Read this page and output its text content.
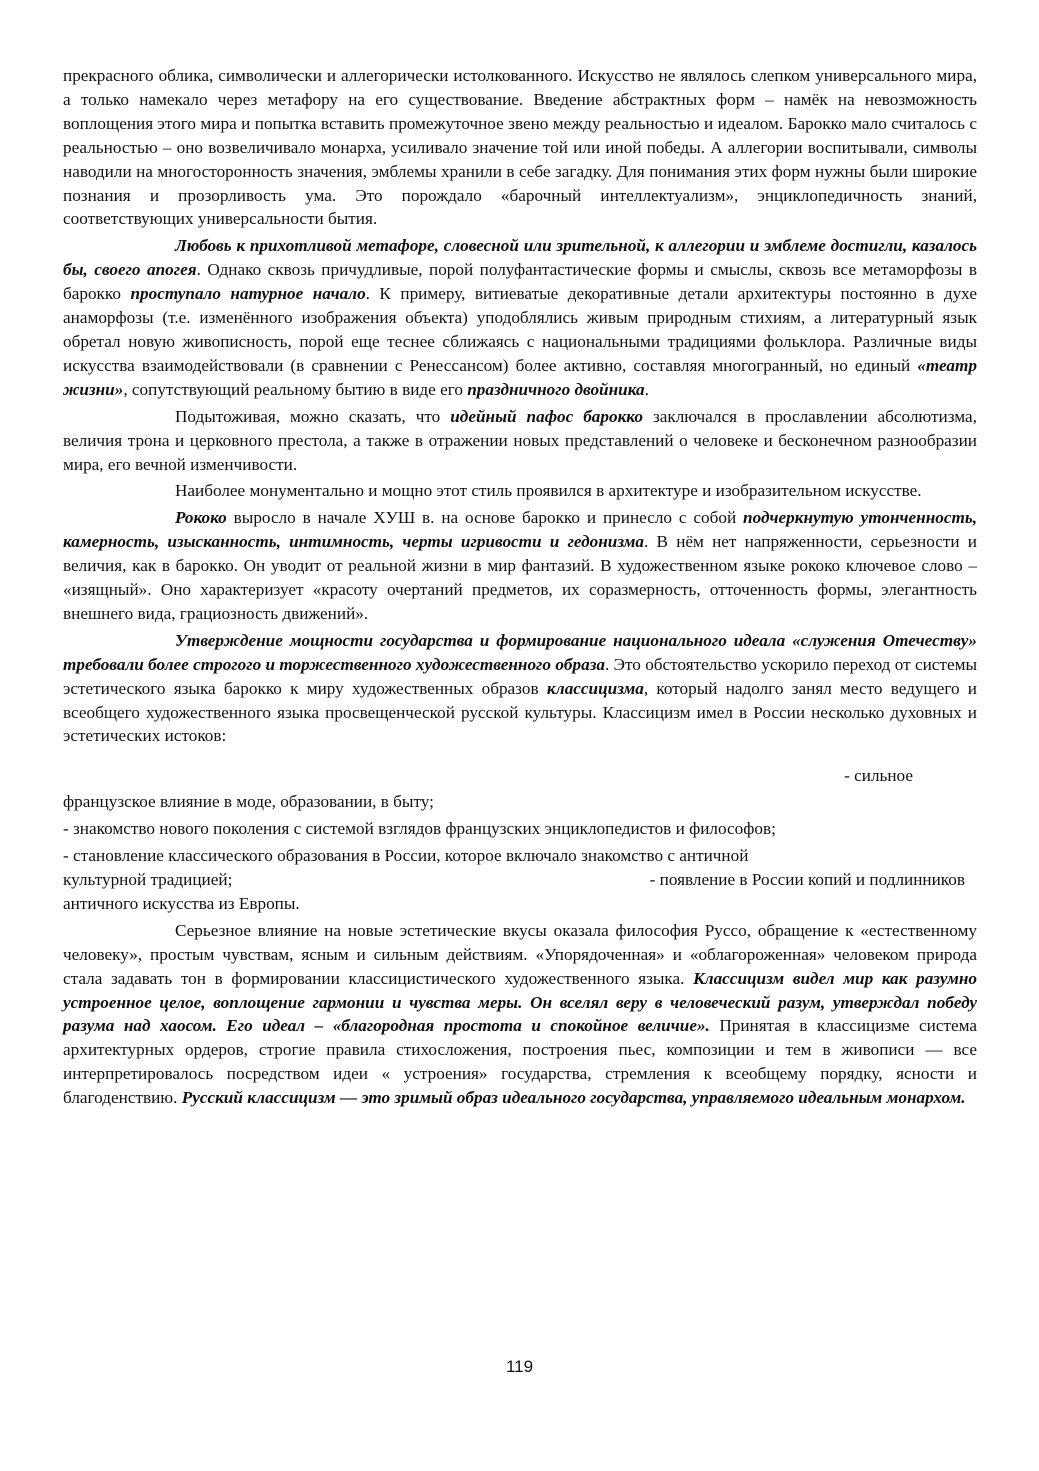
прекрасного облика, символически и аллегорически истолкованного. Искусство не являлось слепком универсального мира, а только намекало через метафору на его существование. Введение абстрактных форм – намёк на невозможность воплощения этого мира и попытка вставить промежуточное звено между реальностью и идеалом. Барокко мало считалось с реальностью – оно возвеличивало монарха, усиливало значение той или иной победы. А аллегории воспитывали, символы наводили на многосторонность значения, эмблемы хранили в себе загадку. Для понимания этих форм нужны были широкие познания и прозорливость ума. Это порождало «барочный интеллектуализм», энциклопедичность знаний, соответствующих универсальности бытия.

Любовь к прихотливой метафоре, словесной или зрительной, к аллегории и эмблеме достигли, казалось бы, своего апогея. Однако сквозь причудливые, порой полуфантастические формы и смыслы, сквозь все метаморфозы в барокко проступало натурное начало. К примеру, витиеватые декоративные детали архитектуры постоянно в духе анаморфозы (т.е. изменённого изображения объекта) уподоблялись живым природным стихиям, а литературный язык обретал новую живописность, порой еще теснее сближаясь с национальными традициями фольклора. Различные виды искусства взаимодействовали (в сравнении с Ренессансом) более активно, составляя многогранный, но единый «театр жизни», сопутствующий реальному бытию в виде его праздничного двойника.

Подытоживая, можно сказать, что идейный пафос барокко заключался в прославлении абсолютизма, величия трона и церковного престола, а также в отражении новых представлений о человеке и бесконечном разнообразии мира, его вечной изменчивости.

Наиболее монументально и мощно этот стиль проявился в архитектуре и изобразительном искусстве.

Рококо выросло в начале ХУШ в. на основе барокко и принесло с собой подчеркнутую утонченность, камерность, изысканность, интимность, черты игривости и гедонизма. В нём нет напряженности, серьезности и величия, как в барокко. Он уводит от реальной жизни в мир фантазий. В художественном языке рококо ключевое слово – «изящный». Оно характеризует «красоту очертаний предметов, их соразмерность, отточенность формы, элегантность внешнего вида, грациозность движений».

Утверждение мощности государства и формирование национального идеала «служения Отечеству» требовали более строгого и торжественного художественного образа. Это обстоятельство ускорило переход от системы эстетического языка барокко к миру художественных образов классицизма, который надолго занял место ведущего и всеобщего художественного языка просвещенческой русской культуры. Классицизм имел в России несколько духовных и эстетических истоков:

- сильное

французское влияние в моде, образовании, в быту;

- знакомство нового поколения с системой взглядов французских энциклопедистов и философов;

- становление классического образования в России, которое включало знакомство с античной

культурной традицией;	- появление в России копий и подлинников

античного искусства из Европы.

Серьезное влияние на новые эстетические вкусы оказала философия Руссо, обращение к «естественному человеку», простым чувствам, ясным и сильным действиям. «Упорядоченная» и «облагороженная» человеком природа стала задавать тон в формировании классицистического художественного языка. Классицизм видел мир как разумно устроенное целое, воплощение гармонии и чувства меры. Он вселял веру в человеческий разум, утверждал победу разума над хаосом. Его идеал – «благородная простота и спокойное величие». Принятая в классицизме система архитектурных ордеров, строгие правила стихосложения, построения пьес, композиции и тем в живописи — все интерпретировалось посредством идеи « устроения» государства, стремления к всеобщему порядку, ясности и благоденствию. Русский классицизм — это зримый образ идеального государства, управляемого идеальным монархом.

119
